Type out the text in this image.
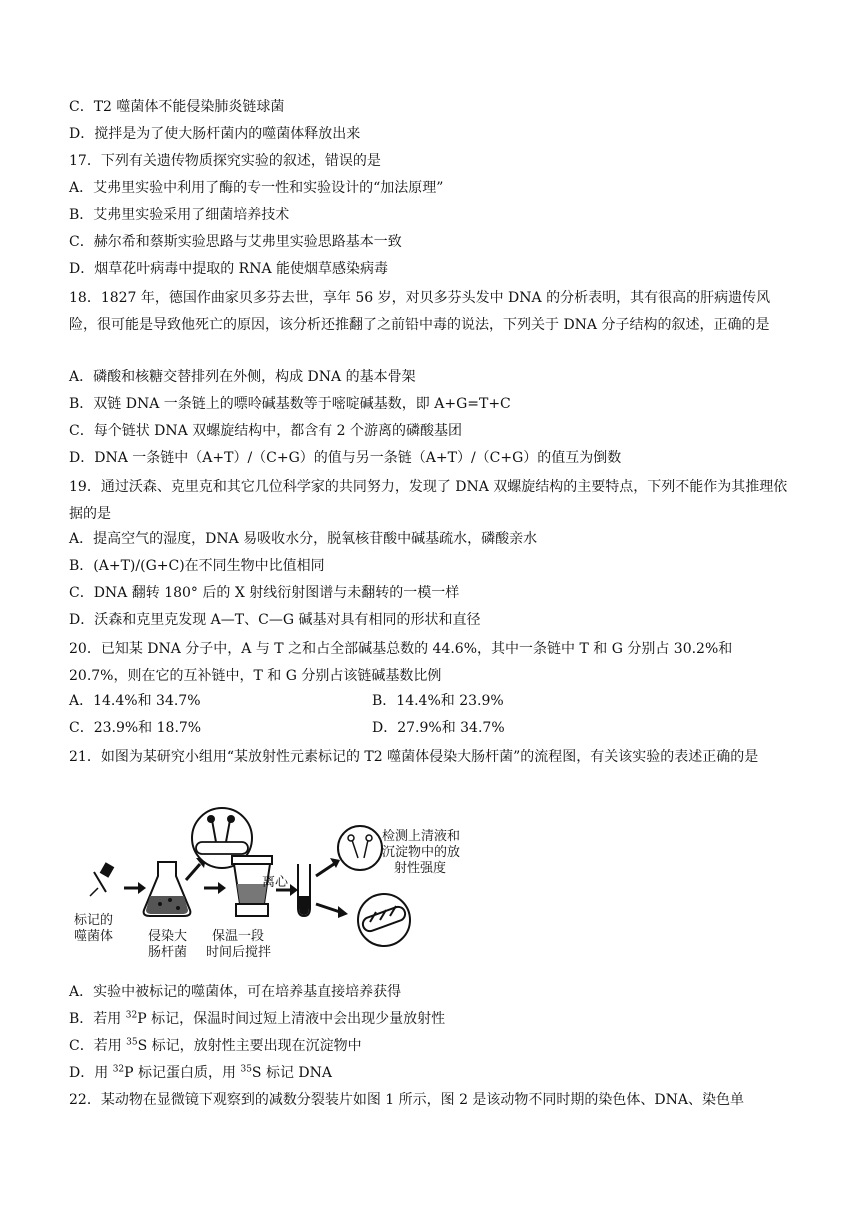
C．T2 噬菌体不能侵染肺炎链球菌
D．搅拌是为了使大肠杆菌内的噬菌体释放出来
17．下列有关遗传物质探究实验的叙述，错误的是
A．艾弗里实验中利用了酶的专一性和实验设计的“加法原理”
B．艾弗里实验采用了细菌培养技术
C．赫尔希和蔡斯实验思路与艾弗里实验思路基本一致
D．烟草花叶病毒中提取的 RNA 能使烟草感染病毒
18．1827 年，德国作曲家贝多芬去世，享年 56 岁，对贝多芬头发中 DNA 的分析表明，其有很高的肝病遗传风险，很可能是导致他死亡的原因，该分析还推翻了之前铅中毒的说法，下列关于 DNA 分子结构的叙述，正确的是
A．磷酸和核糖交替排列在外侧，构成 DNA 的基本骨架
B．双链 DNA 一条链上的嘌呤碱基数等于嘧啶碱基数，即 A+G=T+C
C．每个链状 DNA 双螺旋结构中，都含有 2 个游离的磷酸基团
D．DNA 一条链中（A+T）/（C+G）的值与另一条链（A+T）/（C+G）的值互为倒数
19．通过沃森、克里克和其它几位科学家的共同努力，发现了 DNA 双螺旋结构的主要特点，下列不能作为其推理依据的是
A．提高空气的湿度，DNA 易吸收水分，脱氧核苷酸中碱基疏水，磷酸亲水
B．(A+T)/(G+C)在不同生物中比值相同
C．DNA 翻转 180° 后的 X 射线衍射图谱与未翻转的一模一样
D．沃森和克里克发现 A—T、C—G 碱基对具有相同的形状和直径
20．已知某 DNA 分子中，A 与 T 之和占全部碱基总数的 44.6%，其中一条链中 T 和 G 分别占 30.2%和 20.7%，则在它的互补链中，T 和 G 分别占该链碱基数比例
A．14.4%和 34.7%	B．14.4%和 23.9%
C．23.9%和 18.7%	D．27.9%和 34.7%
21．如图为某研究小组用“某放射性元素标记的 T2 噬菌体侵染大肠杆菌”的流程图，有关该实验的表述正确的是
标记的
噬菌体	侵染大
肠杆菌
保温一段
时间后搅拌
离心
检测上清液和
沉淀物中的放
射性强度
A．实验中被标记的噬菌体，可在培养基直接培养获得
B．若用 $^{32}$P 标记，保温时间过短上清液中会出现少量放射性
C．若用 $^{35}$S 标记，放射性主要出现在沉淀物中
D．用 $^{32}$P 标记蛋白质，用 $^{35}$S 标记 DNA
22．某动物在显微镜下观察到的减数分裂装片如图 1 所示，图 2 是该动物不同时期的染色体、DNA、染色单
